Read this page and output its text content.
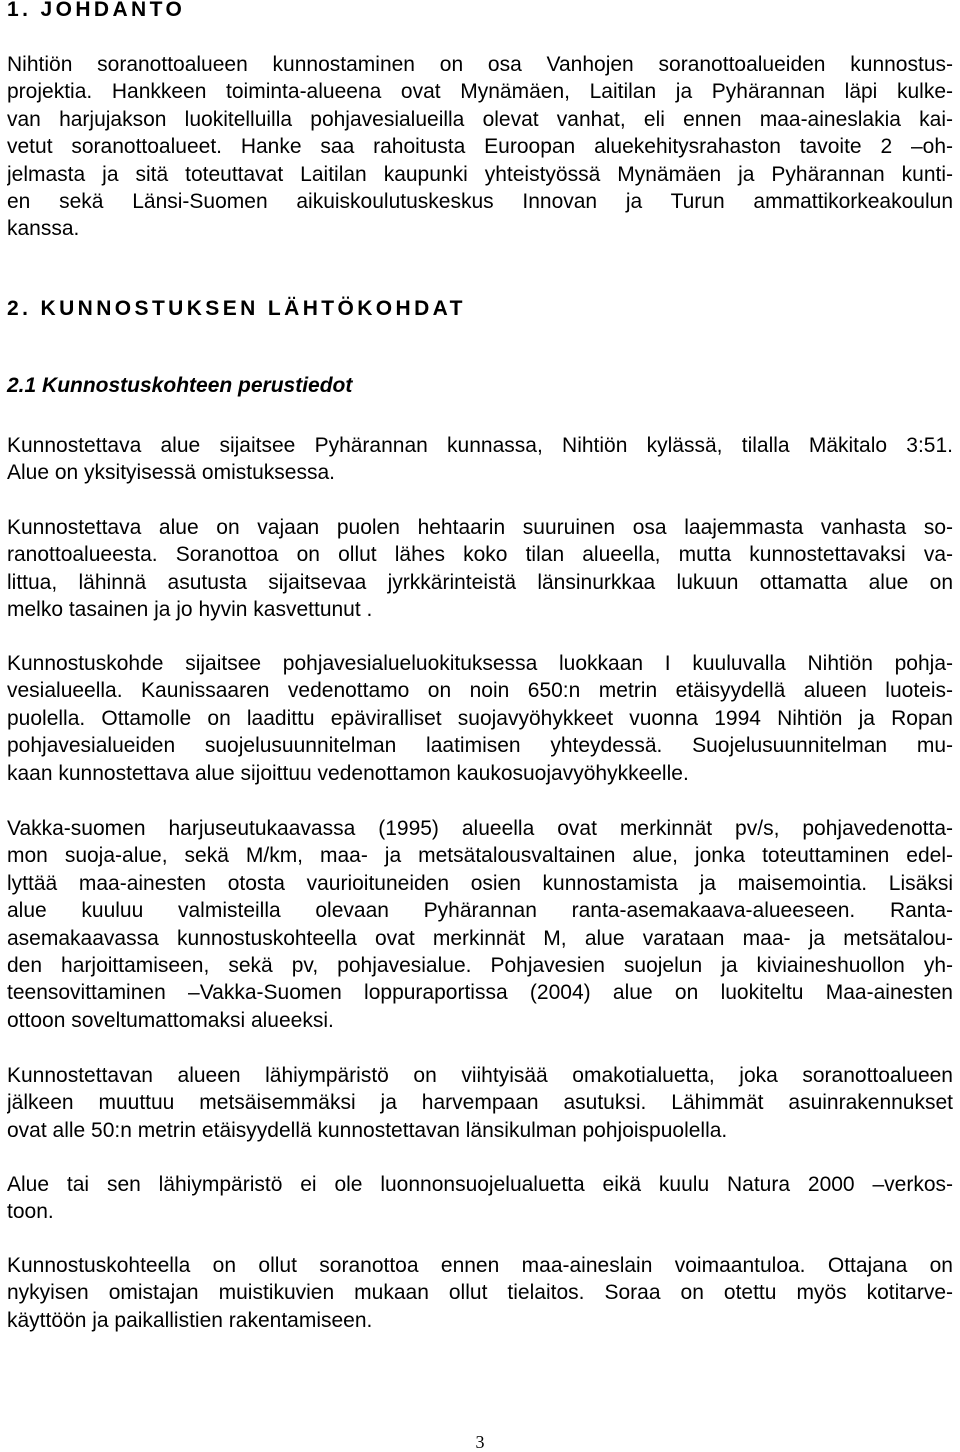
1. JOHDANTO
Nihtiön soranottoalueen kunnostaminen on osa Vanhojen soranottoalueiden kunnostus-
projektia. Hankkeen toiminta-alueena ovat Mynämäen, Laitilan ja Pyhärannan läpi kulke-
van harjujakson luokitelluilla pohjavesialueilla olevat vanhat, eli ennen maa-aineslakia kai-
vetut soranottoalueet. Hanke saa rahoitusta Euroopan aluekehitysrahaston tavoite 2 –oh-
jelmasta ja sitä toteuttavat Laitilan kaupunki yhteistyössä Mynämäen ja Pyhärannan kunti-
en sekä Länsi-Suomen aikuiskoulutuskeskus Innovan ja Turun ammattikorkeakoulun
kanssa.
2. KUNNOSTUKSEN LÄHTÖKOHDAT
2.1 Kunnostuskohteen perustiedot
Kunnostettava alue sijaitsee Pyhärannan kunnassa, Nihtiön kylässä, tilalla Mäkitalo 3:51.
Alue on yksityisessä omistuksessa.
Kunnostettava alue on vajaan puolen hehtaarin suuruinen osa laajemmasta vanhasta so-
ranottoalueesta. Soranottoa on ollut lähes koko tilan alueella, mutta kunnostettavaksi va-
littua, lähinnä asutusta sijaitsevaa jyrkkärinteistä länsinurkkaa lukuun ottamatta alue on
melko tasainen ja jo hyvin kasvettunut .
Kunnostuskohde sijaitsee pohjavesialueluokituksessa luokkaan I kuuluvalla Nihtiön pohja-
vesialueella. Kaunissaaren vedenottamo on noin 650:n metrin etäisyydellä alueen luoteis-
puolella. Ottamolle on laadittu epäviralliset suojavyöhykkeet vuonna 1994 Nihtiön ja Ropan
pohjavesialueiden suojelusuunnitelman laatimisen yhteydessä. Suojelusuunnitelman mu-
kaan kunnostettava alue sijoittuu vedenottamon kaukosuojavyöhykkeelle.
Vakka-suomen harjuseutukaavassa (1995) alueella ovat merkinnät pv/s, pohjavedenotta-
mon suoja-alue, sekä M/km, maa- ja metsätalousvaltainen alue, jonka toteuttaminen edel-
lyttää maa-ainesten otosta vaurioituneiden osien kunnostamista ja maisemointia. Lisäksi
alue kuuluu valmisteilla olevaan Pyhärannan ranta-asemakaava-alueeseen. Ranta-
asemakaavassa kunnostuskohteella ovat merkinnät M, alue varataan maa- ja metsätalou-
den harjoittamiseen, sekä pv, pohjavesialue. Pohjavesien suojelun ja kiviaineshuollon yh-
teensovittaminen –Vakka-Suomen loppuraportissa (2004) alue on luokiteltu Maa-ainesten
ottoon soveltumattomaksi alueeksi.
Kunnostettavan alueen lähiympäristö on viihtyisää omakotialuetta, joka soranottoalueen
jälkeen muuttuu metsäisemmäksi ja harvempaan asutuksi. Lähimmät asuinrakennukset
ovat alle 50:n metrin etäisyydellä kunnostettavan länsikulman pohjoispuolella.
Alue tai sen lähiympäristö ei ole luonnonsuojelualuetta eikä kuulu Natura 2000 –verkos-
toon.
Kunnostuskohteella on ollut soranottoa ennen maa-aineslain voimaantuloa. Ottajana on
nykyisen omistajan muistikuvien mukaan ollut tielaitos. Soraa on otettu myös kotitarve-
käyttöön ja paikallistien rakentamiseen.
3
